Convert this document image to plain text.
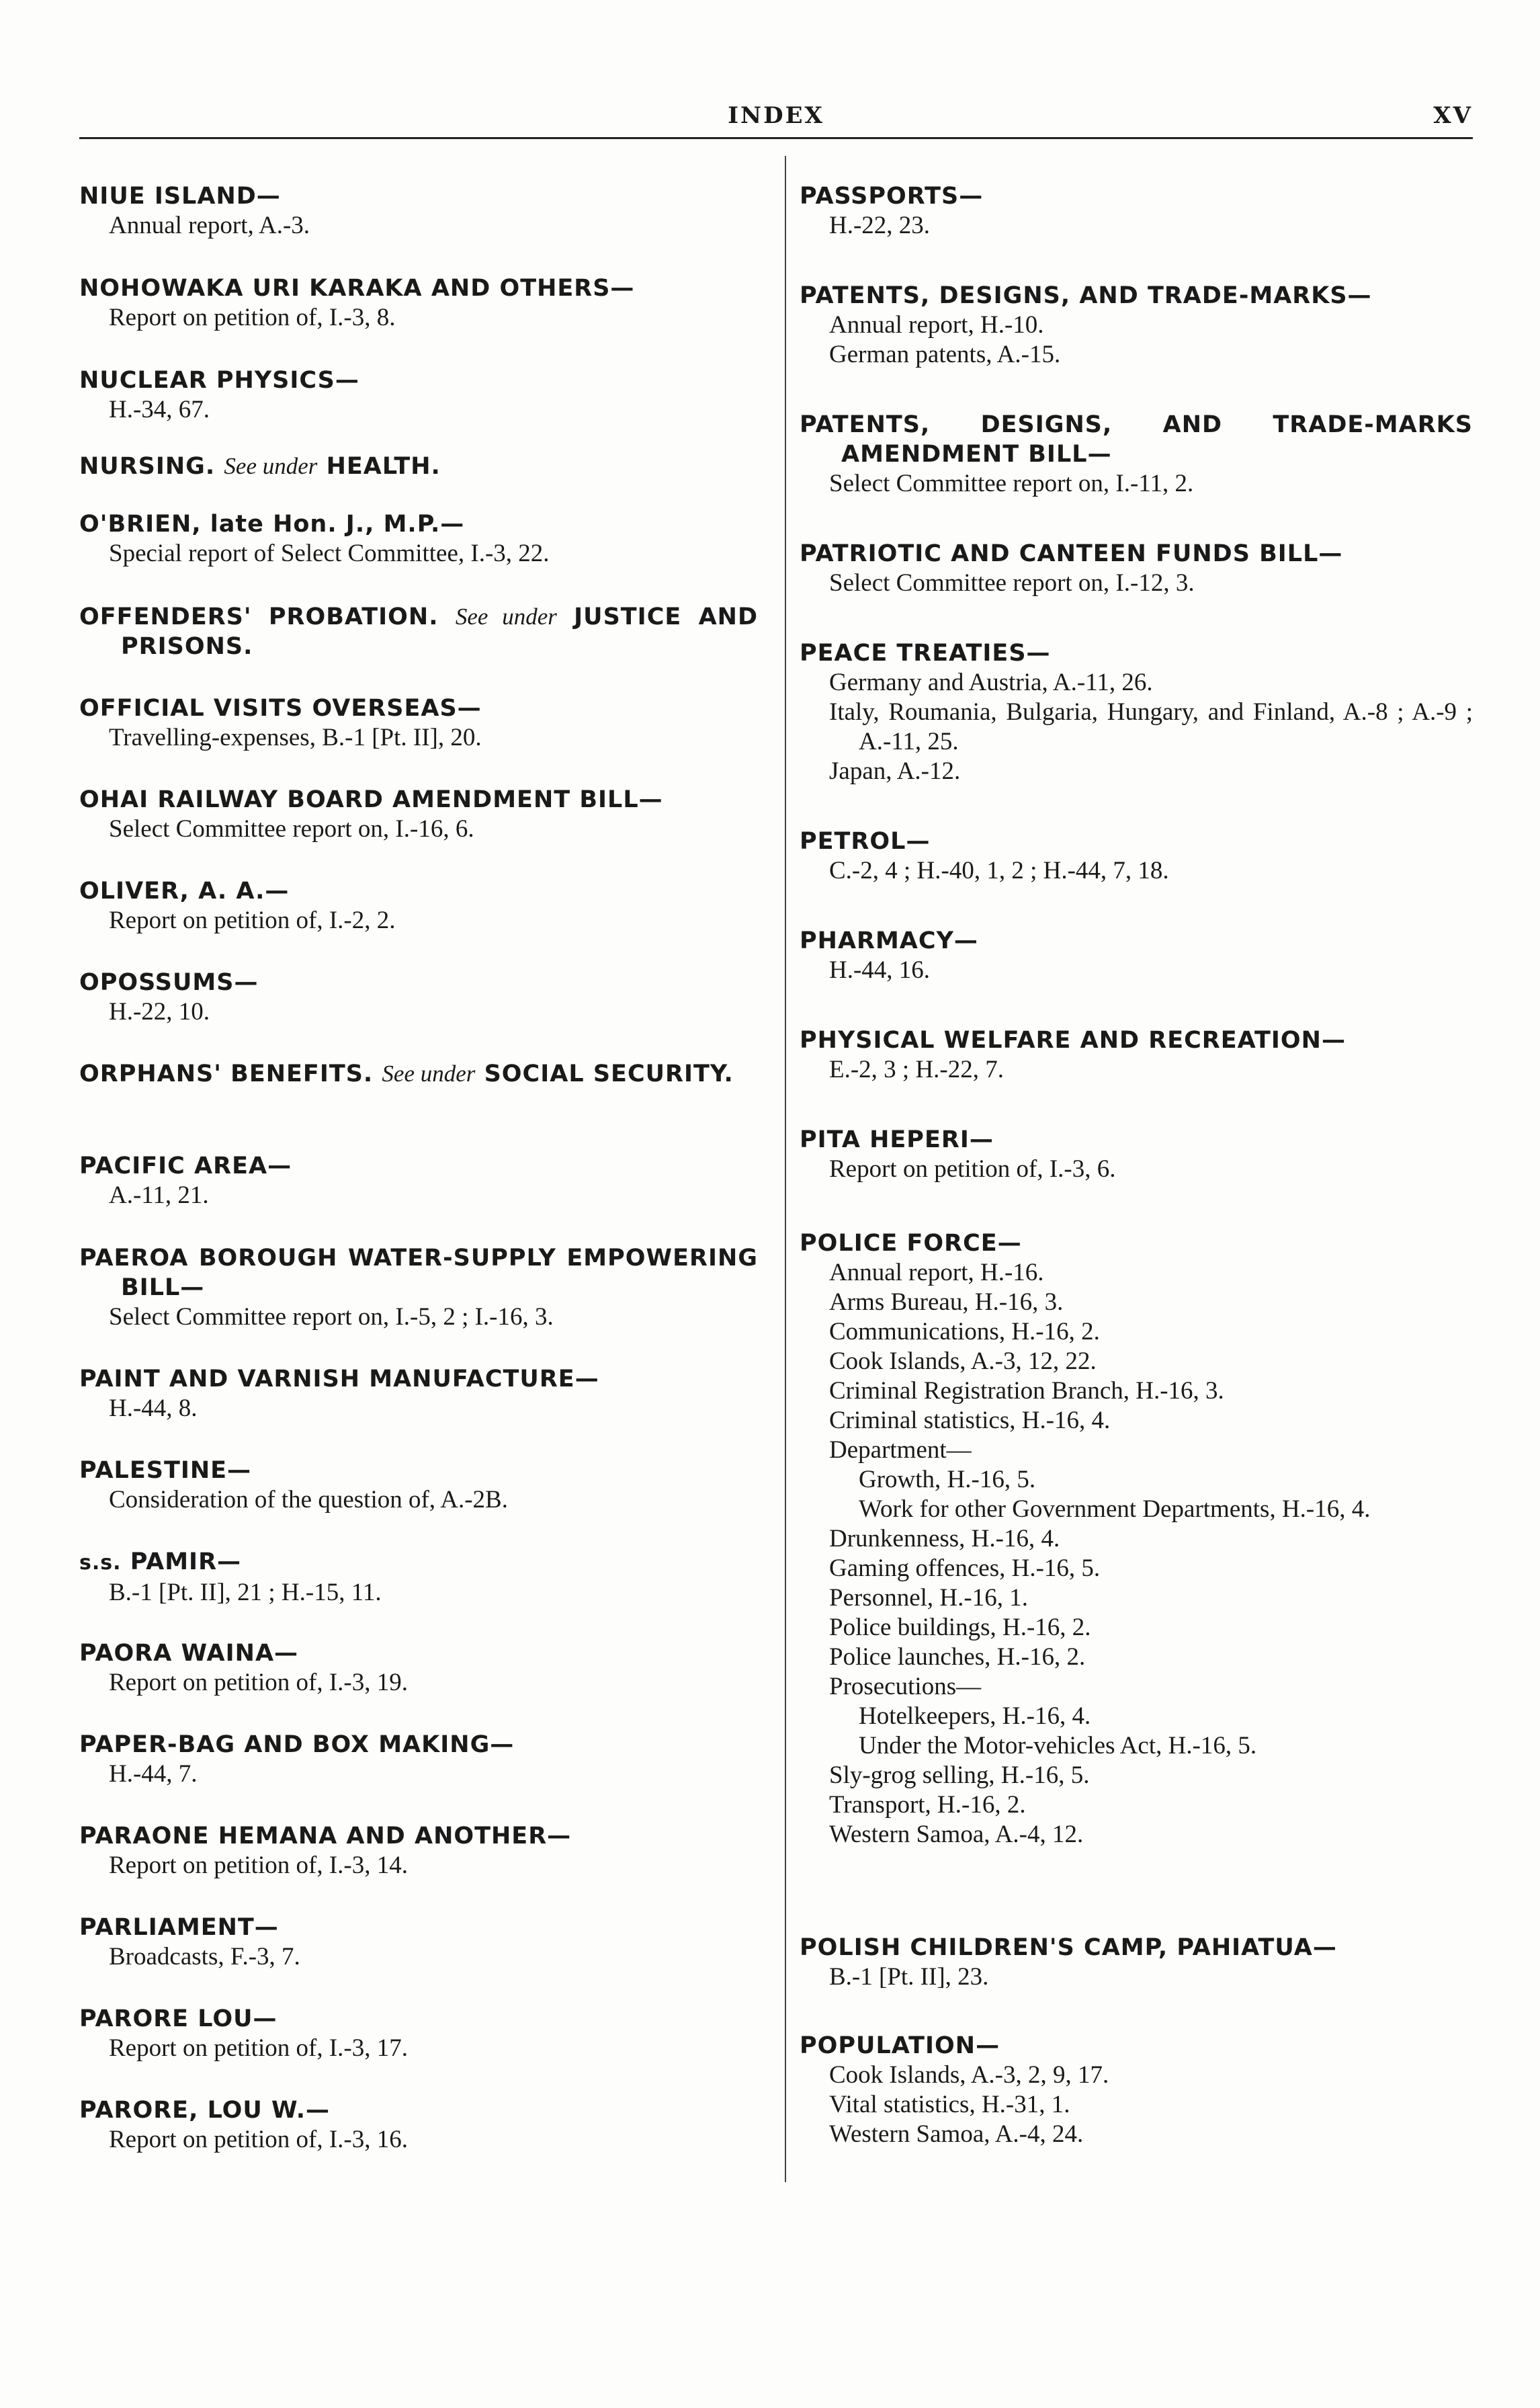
INDEX	XV
NIUE ISLAND—
Annual report, A.-3.
NOHOWAKA URI KARAKA AND OTHERS—
Report on petition of, I.-3, 8.
NUCLEAR PHYSICS—
H.-34, 67.
NURSING. See under HEALTH.
O'BRIEN, late Hon. J., M.P.—
Special report of Select Committee, I.-3, 22.
OFFENDERS' PROBATION. See under JUSTICE AND PRISONS.
OFFICIAL VISITS OVERSEAS—
Travelling-expenses, B.-1 [Pt. II], 20.
OHAI RAILWAY BOARD AMENDMENT BILL—
Select Committee report on, I.-16, 6.
OLIVER, A. A.—
Report on petition of, I.-2, 2.
OPOSSUMS—
H.-22, 10.
ORPHANS' BENEFITS. See under SOCIAL SECURITY.
PACIFIC AREA—
A.-11, 21.
PAEROA BOROUGH WATER-SUPPLY EMPOWERING BILL—
Select Committee report on, I.-5, 2 ; I.-16, 3.
PAINT AND VARNISH MANUFACTURE—
H.-44, 8.
PALESTINE—
Consideration of the question of, A.-2B.
s.s. PAMIR—
B.-1 [Pt. II], 21 ; H.-15, 11.
PAORA WAINA—
Report on petition of, I.-3, 19.
PAPER-BAG AND BOX MAKING—
H.-44, 7.
PARAONE HEMANA AND ANOTHER—
Report on petition of, I.-3, 14.
PARLIAMENT—
Broadcasts, F.-3, 7.
PARORE LOU—
Report on petition of, I.-3, 17.
PARORE, LOU W.—
Report on petition of, I.-3, 16.
PASSPORTS—
H.-22, 23.
PATENTS, DESIGNS, AND TRADE-MARKS—
Annual report, H.-10.
German patents, A.-15.
PATENTS, DESIGNS, AND TRADE-MARKS AMENDMENT BILL—
Select Committee report on, I.-11, 2.
PATRIOTIC AND CANTEEN FUNDS BILL—
Select Committee report on, I.-12, 3.
PEACE TREATIES—
Germany and Austria, A.-11, 26.
Italy, Roumania, Bulgaria, Hungary, and Finland, A.-8 ; A.-9 ; A.-11, 25.
Japan, A.-12.
PETROL—
C.-2, 4 ; H.-40, 1, 2 ; H.-44, 7, 18.
PHARMACY—
H.-44, 16.
PHYSICAL WELFARE AND RECREATION—
E.-2, 3 ; H.-22, 7.
PITA HEPERI—
Report on petition of, I.-3, 6.
POLICE FORCE—
Annual report, H.-16.
Arms Bureau, H.-16, 3.
Communications, H.-16, 2.
Cook Islands, A.-3, 12, 22.
Criminal Registration Branch, H.-16, 3.
Criminal statistics, H.-16, 4.
Department—
Growth, H.-16, 5.
Work for other Government Departments, H.-16, 4.
Drunkenness, H.-16, 4.
Gaming offences, H.-16, 5.
Personnel, H.-16, 1.
Police buildings, H.-16, 2.
Police launches, H.-16, 2.
Prosecutions—
Hotelkeepers, H.-16, 4.
Under the Motor-vehicles Act, H.-16, 5.
Sly-grog selling, H.-16, 5.
Transport, H.-16, 2.
Western Samoa, A.-4, 12.
POLISH CHILDREN'S CAMP, PAHIATUA—
B.-1 [Pt. II], 23.
POPULATION—
Cook Islands, A.-3, 2, 9, 17.
Vital statistics, H.-31, 1.
Western Samoa, A.-4, 24.
